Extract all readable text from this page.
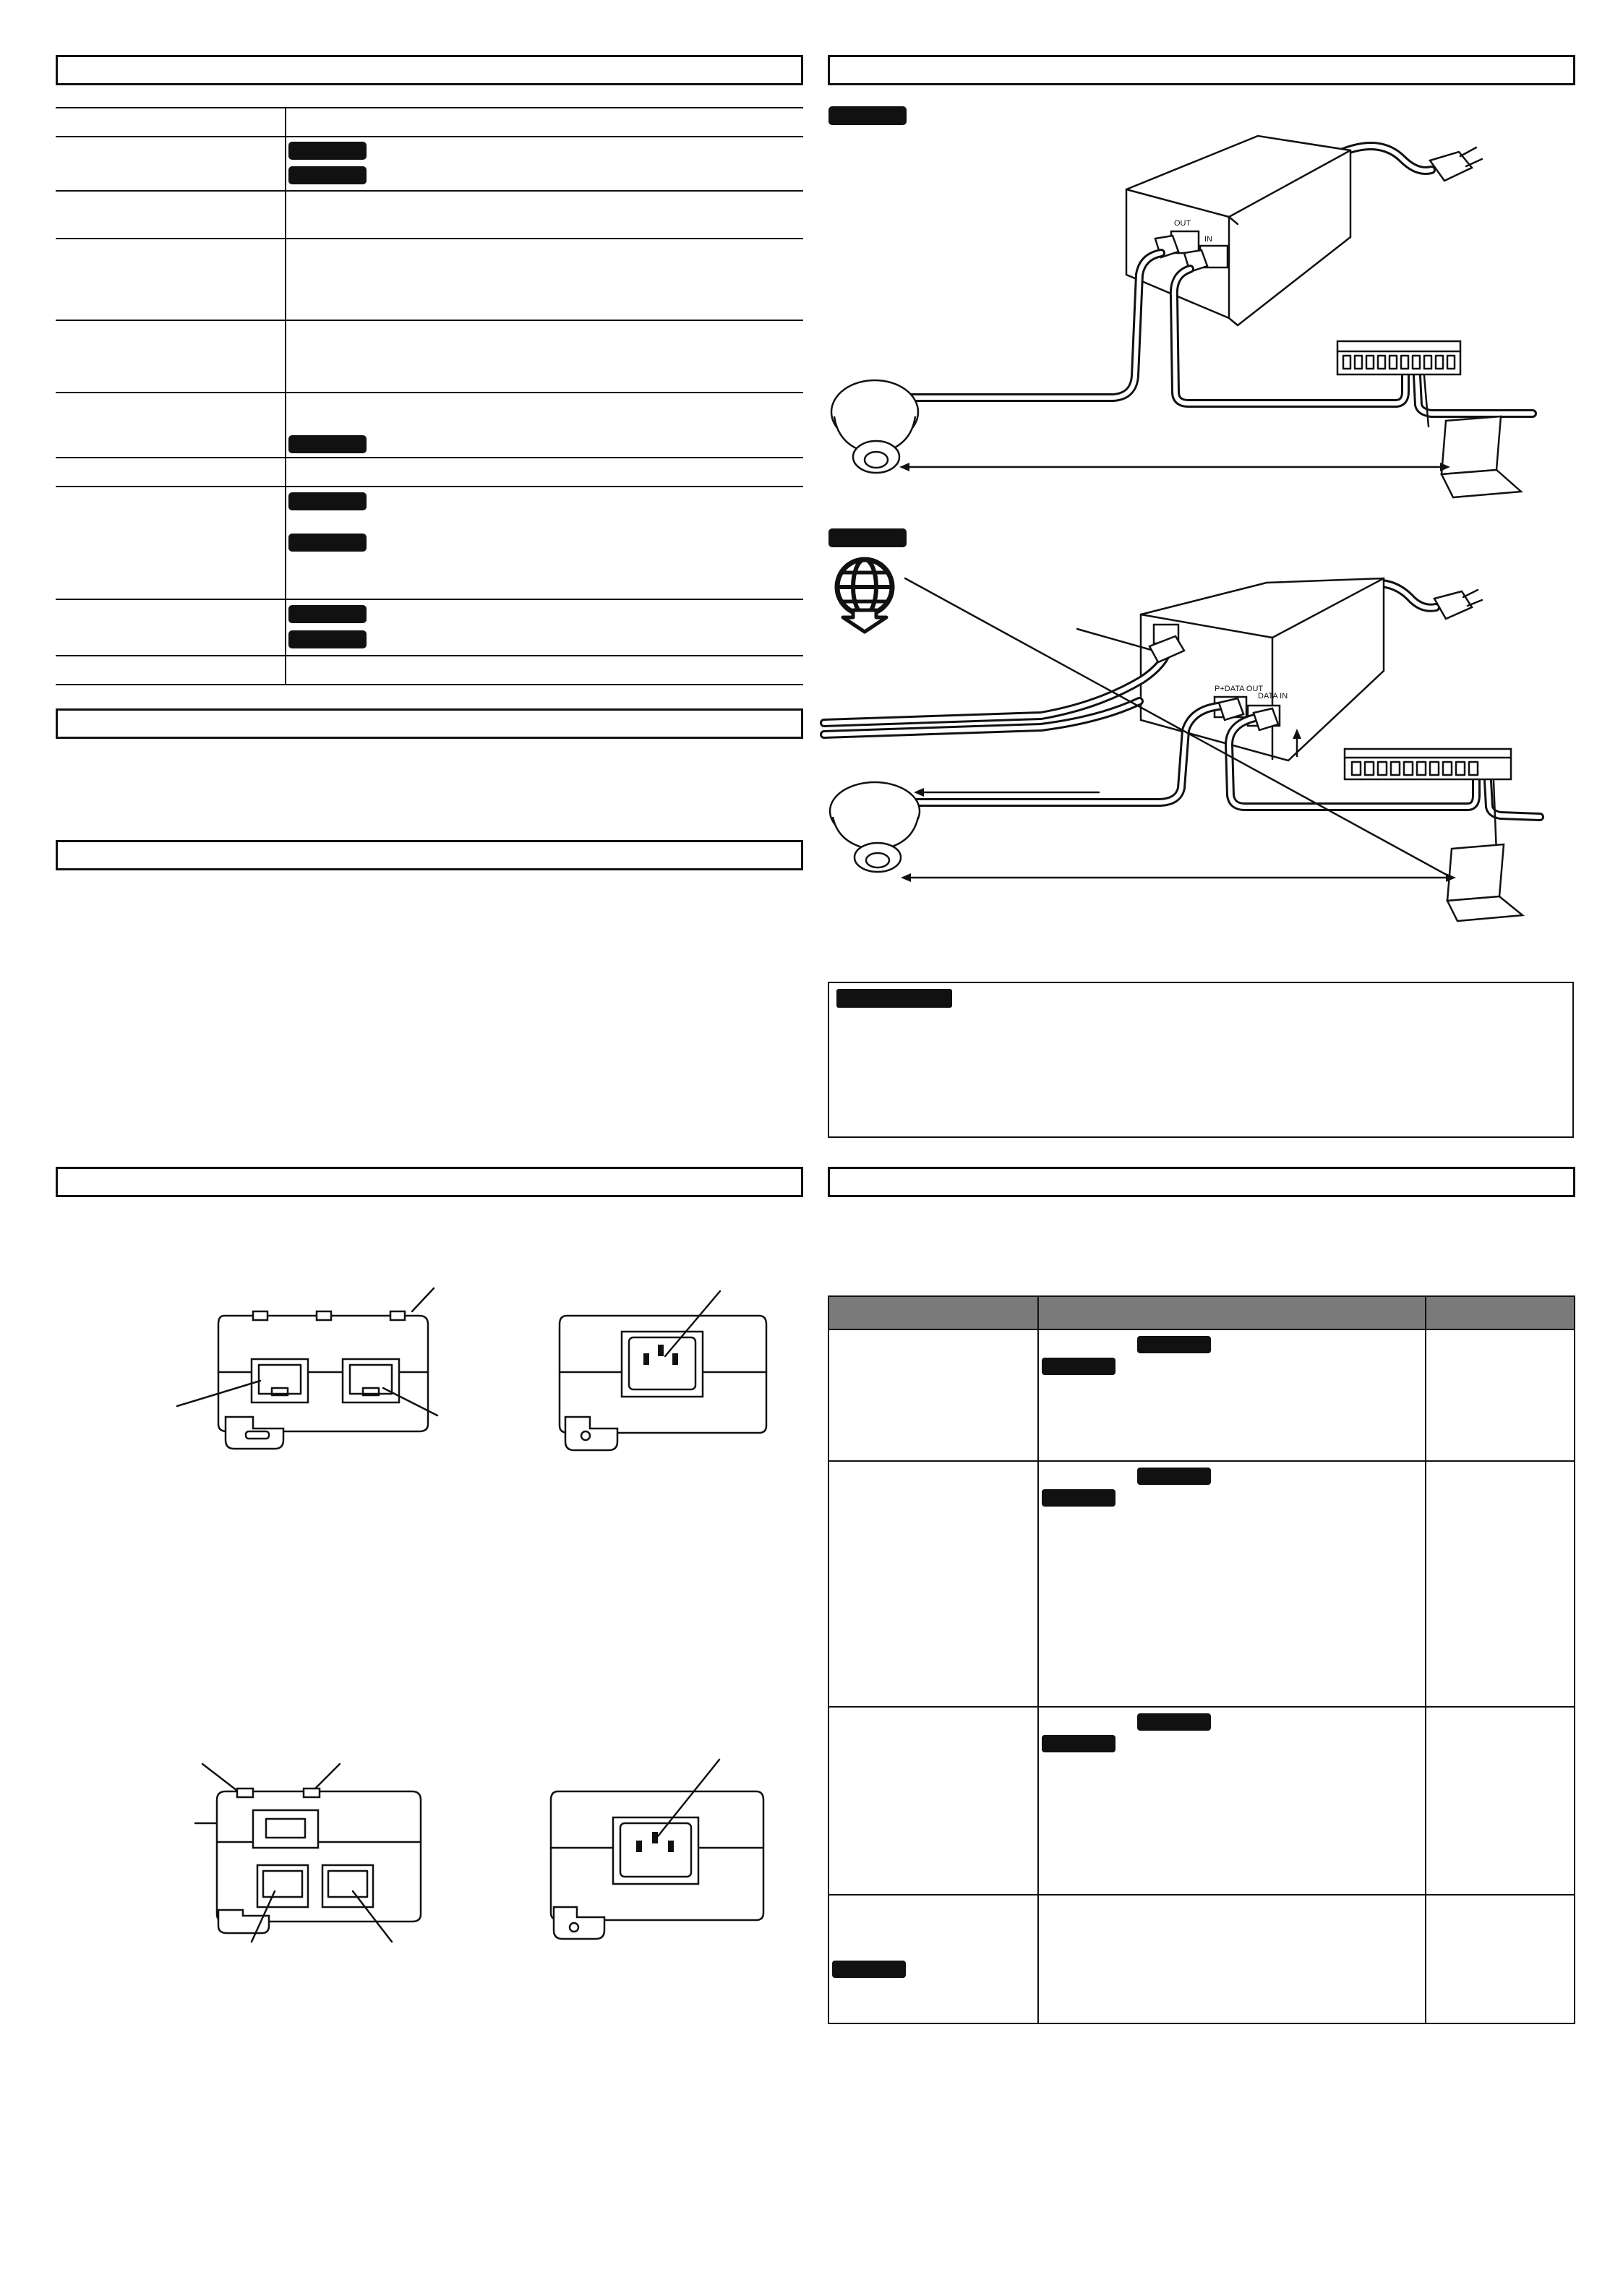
OUT
IN
P+DATA OUT
DATA IN
